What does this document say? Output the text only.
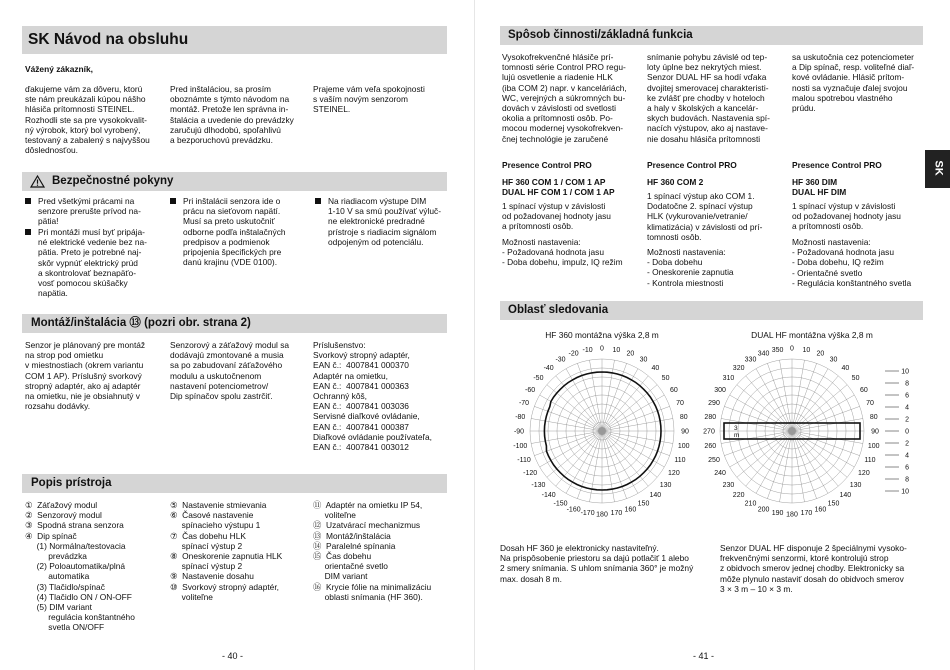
SK Návod na obsluhu
Vážený zákazník,
ďakujeme vám za dôveru, ktorú
ste nám preukázali kúpou nášho
hlásiča prítomnosti STEINEL.
Rozhodli ste sa pre vysokokvalit-
ný výrobok, ktorý bol vyrobený,
testovaný a zabalený s najvyššou
dôslednosťou.
Pred inštaláciou, sa prosím
oboznámte s týmto návodom na
montáž. Pretože len správna in-
štalácia a uvedenie do prevádzky
zaručujú dlhodobú, spoľahlivú
a bezporuchovú prevádzku.
Prajeme vám veľa spokojnosti
s vaším novým senzorom
STEINEL.
Bezpečnostné pokyny
Pred všetkými prácami na
senzore prerušte prívod na-
pätia!
Pri montáži musí byť pripája-
né elektrické vedenie bez na-
pätia. Preto je potrebné naj-
skôr vypnúť elektrický prúd
a skontrolovať beznapäťo-
vosť pomocou skúšačky
napätia.
Pri inštalácii senzora ide o
prácu na sieťovom napätí.
Musí sa preto uskutočniť
odborne podľa inštalačných
predpisov a podmienok
pripojenia špecifických pre
danú krajinu (VDE 0100).
Na riadiacom výstupe DIM
1-10 V sa smú používať výluč-
ne elektronické predradné
prístroje s riadiacim signálom
odpojeným od potenciálu.
Montáž/inštalácia ⑬ (pozri obr. strana 2)
Senzor je plánovaný pre montáž
na strop pod omietku
v miestnostiach (okrem variantu
COM 1 AP). Príslušný svorkový
stropný adaptér, ako aj adaptér
na omietku, nie je obsiahnutý v
rozsahu dodávky.
Senzorový a záťažový modul sa
dodávajú zmontované a musia
sa po zabudovaní záťažového
modulu a uskutočnenom
nastavení potenciometrov/
Dip spínačov spolu zastrčiť.
Príslušenstvo:
Svorkový stropný adaptér,
EAN č.:  4007841 000370
Adaptér na omietku,
EAN č.:  4007841 000363
Ochranný kôš,
EAN č.:  4007841 003036
Servisné diaľkové ovládanie,
EAN č.:  4007841 000387
Diaľkové ovládanie používateľa,
EAN č.:  4007841 003012
Popis prístroja
①  Záťažový modul
②  Senzorový modul
③  Spodná strana senzora
④  Dip spínač
(1) Normálna/testovacia
prevádzka
(2) Poloautomatika/plná
automatika
(3) Tlačidlo/spínač
(4) Tlačidlo ON / ON-OFF
(5) DIM variant
regulácia konštantného
svetla ON/OFF
⑤  Nastavenie stmievania
⑥  Časové nastavenie
spínacieho výstupu 1
⑦  Čas dobehu HLK
spínací výstup 2
⑧  Oneskorenie zapnutia HLK
spínací výstup 2
⑨  Nastavenie dosahu
⑩  Svorkový stropný adaptér,
voliteľne
⑪  Adaptér na omietku IP 54,
voliteľne
⑫  Uzatvárací mechanizmus
⑬  Montáž/inštalácia
⑭  Paralelné spínania
⑮  Čas dobehu
orientačné svetlo
DIM variant
⑯  Krycie fólie na minimalizáciu
oblasti snímania (HF 360).
- 40 -
Spôsob činnosti/základná funkcia
Vysokofrekvenčné hlásiče prí-
tomnosti série Control PRO regu-
lujú osvetlenie a riadenie HLK
(iba COM 2) napr. v kanceláriách,
WC, verejných a súkromných bu-
dovách v závislosti od svetlosti
okolia a prítomnosti osôb. Po-
mocou modernej vysokofrekven-
čnej technológie je zaručené
snímanie pohybu závislé od tep-
loty úplne bez nekrytých miest.
Senzor DUAL HF sa hodí vďaka
dvojitej smerovacej charakteristi-
ke zvlášť pre chodby v hoteloch
a haly v školských a kancelár-
skych budovách. Nastavenia spí-
nacích výstupov, ako aj nastave-
nie dosahu hlásiča prítomnosti
sa uskutočnia cez potenciometer
a Dip spínač, resp. voliteľné diaľ-
kové ovládanie. Hlásič prítom-
nosti sa vyznačuje ďalej svojou
malou spotrebou vlastného
prúdu.
Presence Control PRO
HF 360 COM 1 / COM 1 AP
DUAL HF COM 1 / COM 1 AP
1 spínací výstup v závislosti
od požadovanej hodnoty jasu
a prítomnosti osôb.
Možnosti nastavenia:
- Požadovaná hodnota jasu
- Doba dobehu, impulz, IQ režim
Presence Control PRO
HF 360 COM 2
1 spínací výstup ako COM 1.
Dodatočne 2. spínací výstup
HLK (vykurovanie/vetranie/
klimatizácia) v závislosti od prí-
tomnosti osôb.
Možnosti nastavenia:
- Doba dobehu
- Oneskorenie zapnutia
- Kontrola miestnosti
Presence Control PRO
HF 360 DIM
DUAL HF DIM
1 spínací výstup v závislosti
od požadovanej hodnoty jasu
a prítomnosti osôb.
Možnosti nastavenia:
- Požadovaná hodnota jasu
- Doba dobehu, IQ režim
- Orientačné svetlo
- Regulácia konštantného svetla
Oblasť sledovania
HF 360 montážna výška 2,8 m
-170
-160
-150
-140
-130
-120
-110
-100
-90
-80
-70
-60
-50
-40
-30
-20
-10 0 10
20
30
40
50
60
70
80
90
100
110
120
130
140
150
160
170
180
DUAL HF montážna výška 2,8 m
190
200
210
220
230
240
250
260
270
280
290
300
310
320
330
340
350 0 10
20
30
40
50
60
70
80
90
100
110
120
130
140
150
160
170
180
10
8
6
4
2
0
2
4
6
8
10
3
m
Dosah HF 360 je elektronicky nastaviteľný.
Na prispôsobenie priestoru sa dajú potlačiť 1 alebo
2 smery snímania. S uhlom snímania 360° je možný
max. dosah 8 m.
Senzor DUAL HF disponuje 2 špeciálnymi vysoko-
frekvenčnými senzormi, ktoré kontrolujú strop
z obidvoch smerov jednej chodby. Elektronicky sa
môže plynulo nastaviť dosah do obidvoch smerov
3 × 3 m – 10 × 3 m.
- 41 -
SK
